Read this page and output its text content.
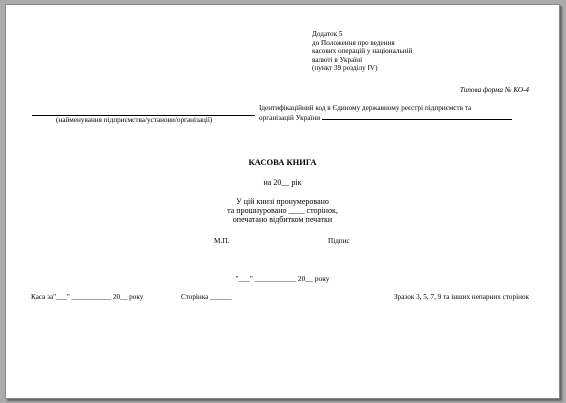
Додаток 5
до Положення про ведення
касових операцій у національній
валюті в Україні
(пункт 39 розділу IV)
Типова форма № КО-4
(найменування підприємства/установи/організації)
Ідентифікаційний код в Єдиному державному реєстрі підприємств та
організацій України
КАСОВА КНИГА
на 20__ рік
У цій книзі пронумеровано
та прошнуровано ____ сторінок,
опечатано відбитком печатки
М.П.	Підпис
"___" ___________ 20__ року
Каса за"___" ___________ 20__ року	Сторінка ______	Зразок 3, 5, 7, 9 та інших непарних сторінок
